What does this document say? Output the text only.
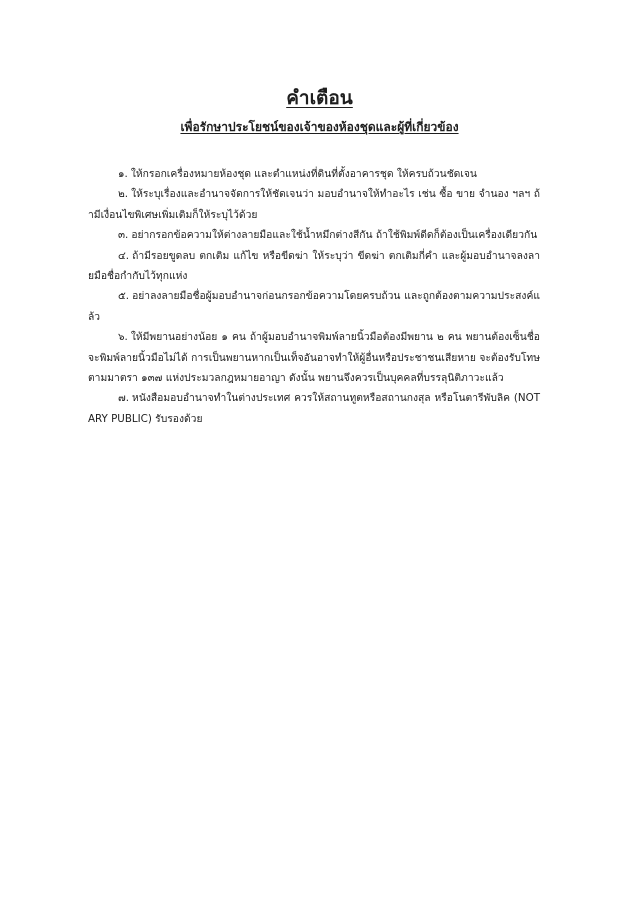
คำเตือน
เพื่อรักษาประโยชน์ของเจ้าของห้องชุดและผู้ที่เกี่ยวข้อง

๑. ให้กรอกเครื่องหมายห้องชุด และตำแหน่งที่ดินที่ตั้งอาคารชุด ให้ครบถ้วนชัดเจน

๒. ให้ระบุเรื่องและอำนาจจัดการให้ชัดเจนว่า มอบอำนาจให้ทำอะไร เช่น ซื้อ ขาย จำนอง ฯลฯ ถ้ามีเงื่อนไขพิเศษเพิ่มเติมก็ให้ระบุไว้ด้วย

๓. อย่ากรอกข้อความให้ต่างลายมือและใช้น้ำหมึกต่างสีกัน ถ้าใช้พิมพ์ดีดก็ต้องเป็นเครื่องเดียวกัน

๔. ถ้ามีรอยขูดลบ ตกเติม แก้ไข หรือขีดฆ่า ให้ระบุว่า ขีดฆ่า ตกเติมกี่คำ และผู้มอบอำนาจลงลายมือชื่อกำกับไว้ทุกแห่ง

๕. อย่าลงลายมือชื่อผู้มอบอำนาจก่อนกรอกข้อความโดยครบถ้วน และถูกต้องตามความประสงค์แล้ว

๖. ให้มีพยานอย่างน้อย ๑ คน ถ้าผู้มอบอำนาจพิมพ์ลายนิ้วมือต้องมีพยาน ๒ คน พยานต้องเซ็นชื่อจะพิมพ์ลายนิ้วมือไม่ได้ การเป็นพยานหากเป็นเท็จอันอาจทำให้ผู้อื่นหรือประชาชนเสียหาย จะต้องรับโทษตามมาตรา ๑๓๗ แห่งประมวลกฎหมายอาญา ดังนั้น พยานจึงควรเป็นบุคคลที่บรรลุนิติภาวะแล้ว

๗. หนังสือมอบอำนาจทำในต่างประเทศ ควรให้สถานทูตหรือสถานกงสุล หรือโนตารีพับลิค (NOTARY PUBLIC) รับรองด้วย
